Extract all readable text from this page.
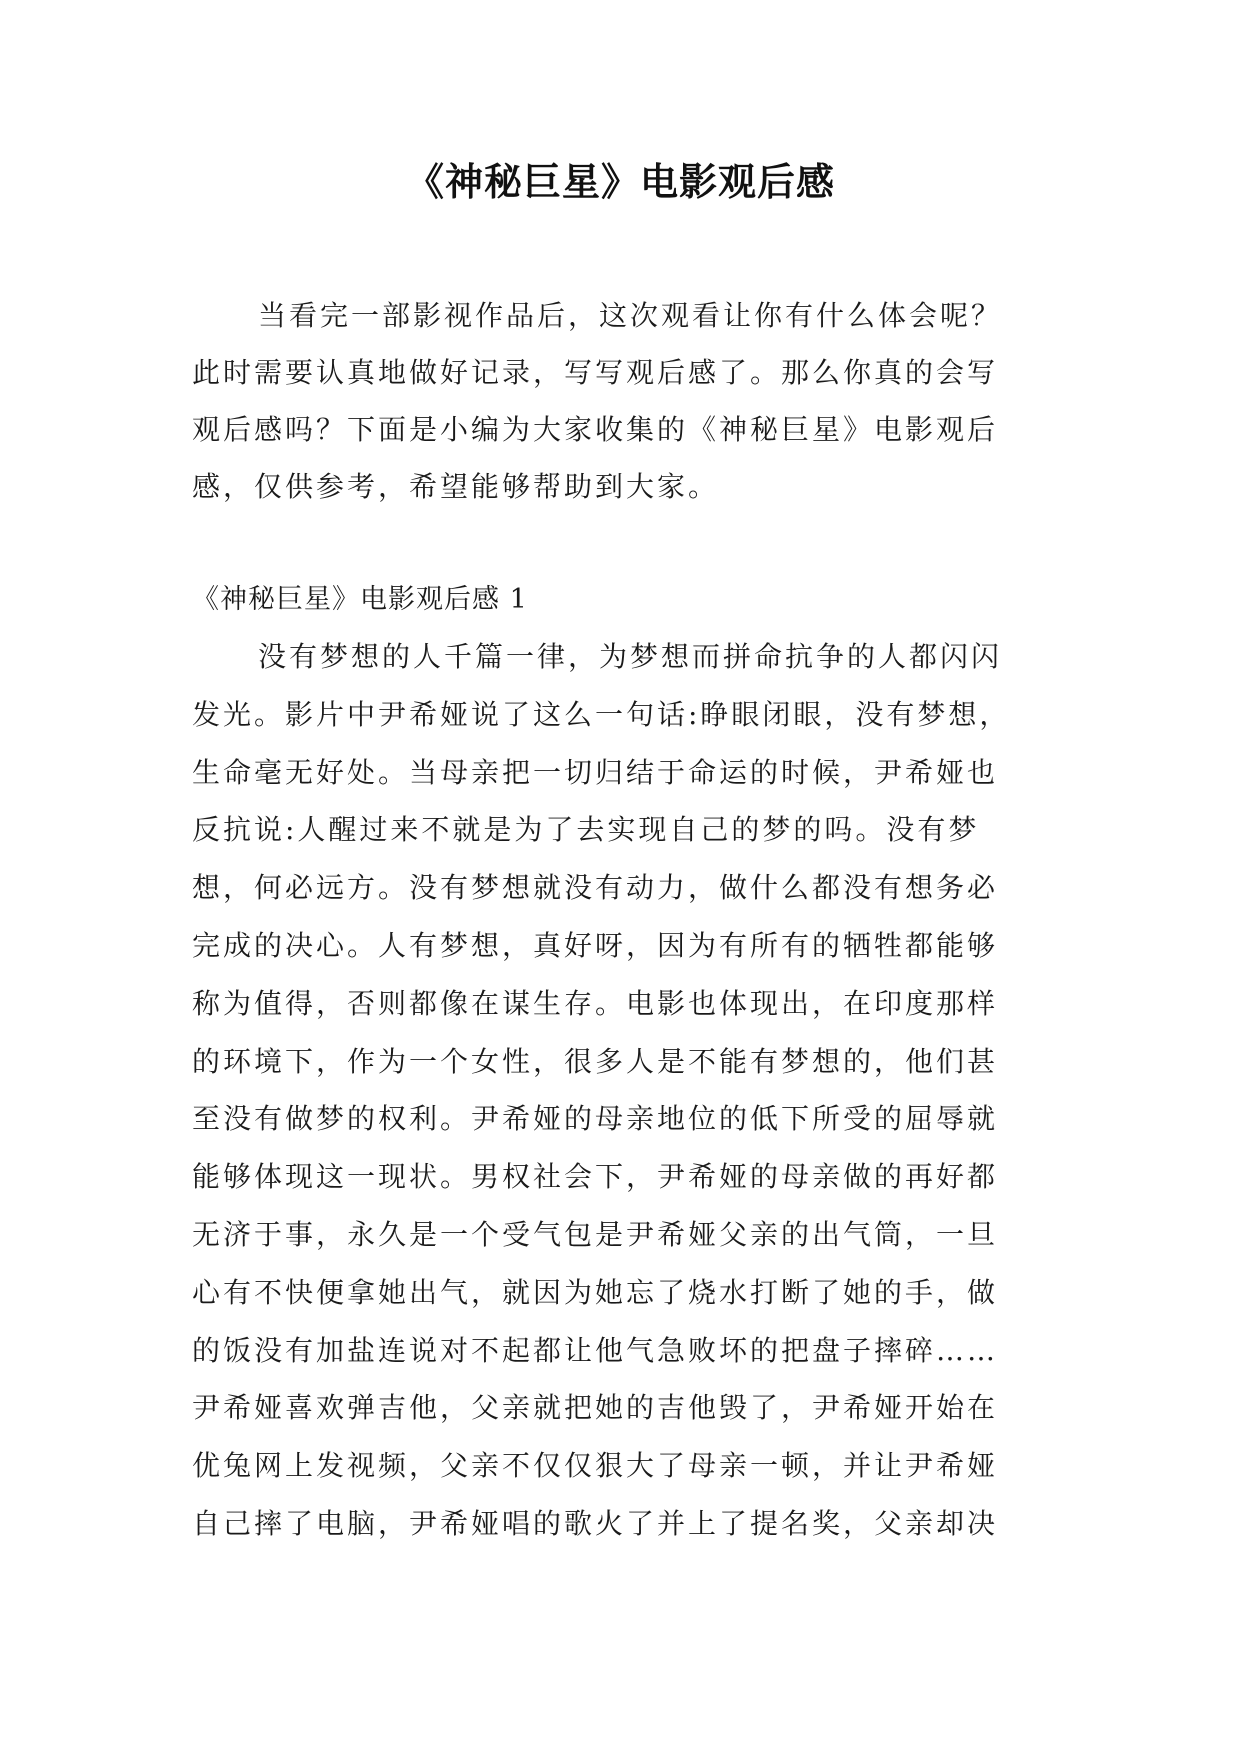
《神秘巨星》电影观后感
当看完一部影视作品后，这次观看让你有什么体会呢？
此时需要认真地做好记录，写写观后感了。那么你真的会写
观后感吗？下面是小编为大家收集的《神秘巨星》电影观后
感，仅供参考，希望能够帮助到大家。
《神秘巨星》电影观后感 1
没有梦想的人千篇一律，为梦想而拼命抗争的人都闪闪
发光。影片中尹希娅说了这么一句话:睁眼闭眼，没有梦想，
生命毫无好处。当母亲把一切归结于命运的时候，尹希娅也
反抗说:人醒过来不就是为了去实现自己的梦的吗。没有梦
想，何必远方。没有梦想就没有动力，做什么都没有想务必
完成的决心。人有梦想，真好呀，因为有所有的牺牲都能够
称为值得，否则都像在谋生存。电影也体现出，在印度那样
的环境下，作为一个女性，很多人是不能有梦想的，他们甚
至没有做梦的权利。尹希娅的母亲地位的低下所受的屈辱就
能够体现这一现状。男权社会下，尹希娅的母亲做的再好都
无济于事，永久是一个受气包是尹希娅父亲的出气筒，一旦
心有不快便拿她出气，就因为她忘了烧水打断了她的手，做
的饭没有加盐连说对不起都让他气急败坏的把盘子摔碎……
尹希娅喜欢弹吉他，父亲就把她的吉他毁了，尹希娅开始在
优兔网上发视频，父亲不仅仅狠大了母亲一顿，并让尹希娅
自己摔了电脑，尹希娅唱的歌火了并上了提名奖，父亲却决
